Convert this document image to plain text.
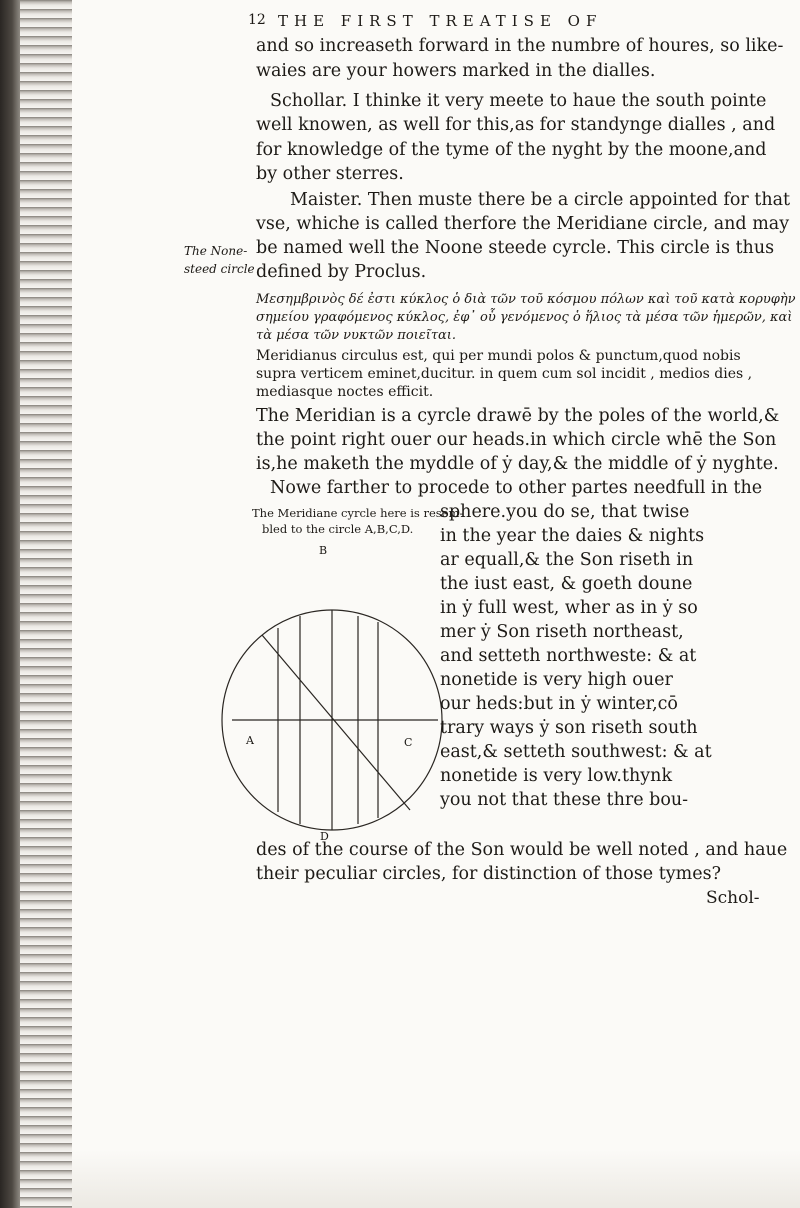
12 THE FIRST TREATISE OF
and so increaseth forward in the numbre of houres, so like-
waies are your howers marked in the dialles.
Schollar. I thinke it very meete to haue the south pointe
well knowen, as well for this,as for standynge dialles , and
for knowledge of the tyme of the nyght by the moone,and
by other sterres.
Maister. Then muste there be a circle appointed for that
vse, whiche is called therfore the Meridiane circle, and may
be named well the Noone steede cyrcle. This circle is thus
defined by Proclus.
The None-
steed circle
Μεσημβρινὸς δέ ἐστι κύκλος ὁ διὰ τῶν τοῦ κόσμου πόλων καὶ τοῦ κατὰ κορυφὴν
σημείου γραφόμενος κύκλος, ἐφ᾽ οὗ γενόμενος ὁ ἥλιος τὰ μέσα τῶν ἡμερῶν, καὶ
τὰ μέσα τῶν νυκτῶν ποιεῖται.
Meridianus circulus est, qui per mundi polos & punctum,quod nobis
supra verticem eminet,ducitur. in quem cum sol incidit , medios dies ,
mediasque noctes efficit.
The Meridian is a cyrcle drawē by the poles of the world,&
the point right ouer our heads.in which circle whē the Son
is,he maketh the myddle of ẏ day,& the middle of ẏ nyghte.
Nowe farther to procede to other partes needfull in the
The Meridiane cyrcle here is resem-
bled to the circle A,B,C,D.
B
A	C
D
sphere.you do se, that twise
in the year the daies & nights
ar equall,& the Son riseth in
the iust east, & goeth doune
in ẏ full west, wher as in ẏ so
mer ẏ Son riseth northeast,
and setteth northweste: & at
nonetide is very high ouer
our heds:but in ẏ winter,cō
trary ways ẏ son riseth south
east,& setteth southwest: & at
nonetide is very low.thynk
you not that these thre bou-
des of the course of the Son would be well noted , and haue
their peculiar circles, for distinction of those tymes?
Schol-
